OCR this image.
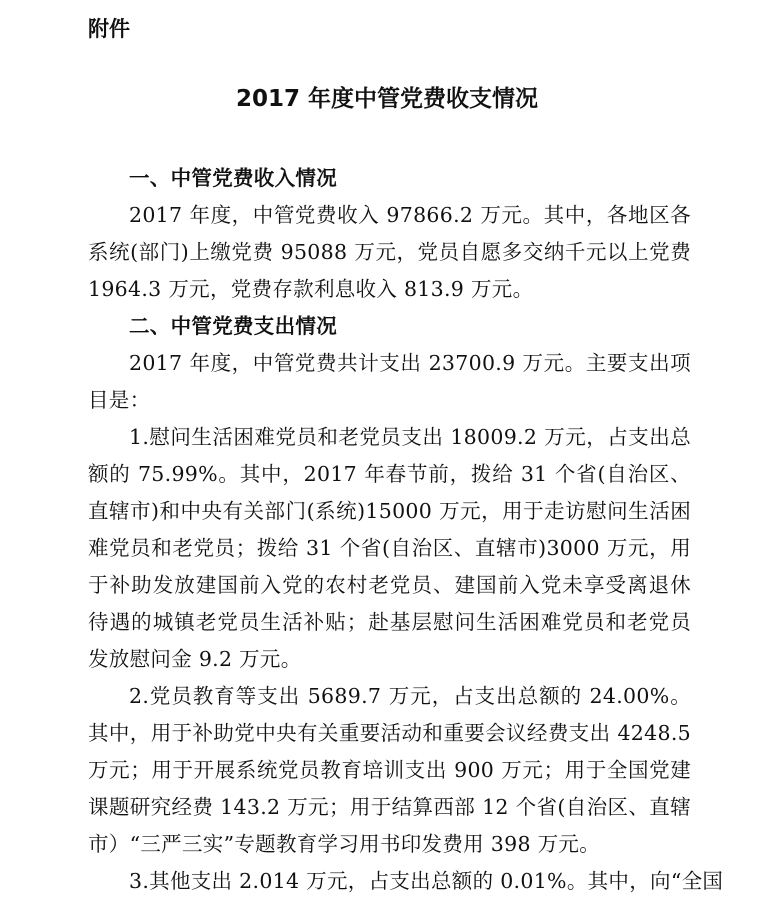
附件
2017 年度中管党费收支情况
一、中管党费收入情况
2017 年度，中管党费收入 97866.2 万元。其中，各地区各系统(部门)上缴党费 95088 万元，党员自愿多交纳千元以上党费 1964.3 万元，党费存款利息收入 813.9 万元。
二、中管党费支出情况
2017 年度，中管党费共计支出 23700.9 万元。主要支出项目是：
1.慰问生活困难党员和老党员支出 18009.2 万元，占支出总额的 75.99%。其中，2017 年春节前，拨给 31 个省(自治区、直辖市)和中央有关部门(系统)15000 万元，用于走访慰问生活困难党员和老党员；拨给 31 个省(自治区、直辖市)3000 万元，用于补助发放建国前入党的农村老党员、建国前入党未享受离退休待遇的城镇老党员生活补贴；赴基层慰问生活困难党员和老党员发放慰问金 9.2 万元。
2.党员教育等支出 5689.7 万元，占支出总额的 24.00%。其中，用于补助党中央有关重要活动和重要会议经费支出 4248.5 万元；用于开展系统党员教育培训支出 900 万元；用于全国党建课题研究经费 143.2 万元；用于结算西部 12 个省(自治区、直辖市）“三严三实”专题教育学习用书印发费用 398 万元。
3.其他支出 2.014 万元，占支出总额的 0.01%。其中，向“全国
